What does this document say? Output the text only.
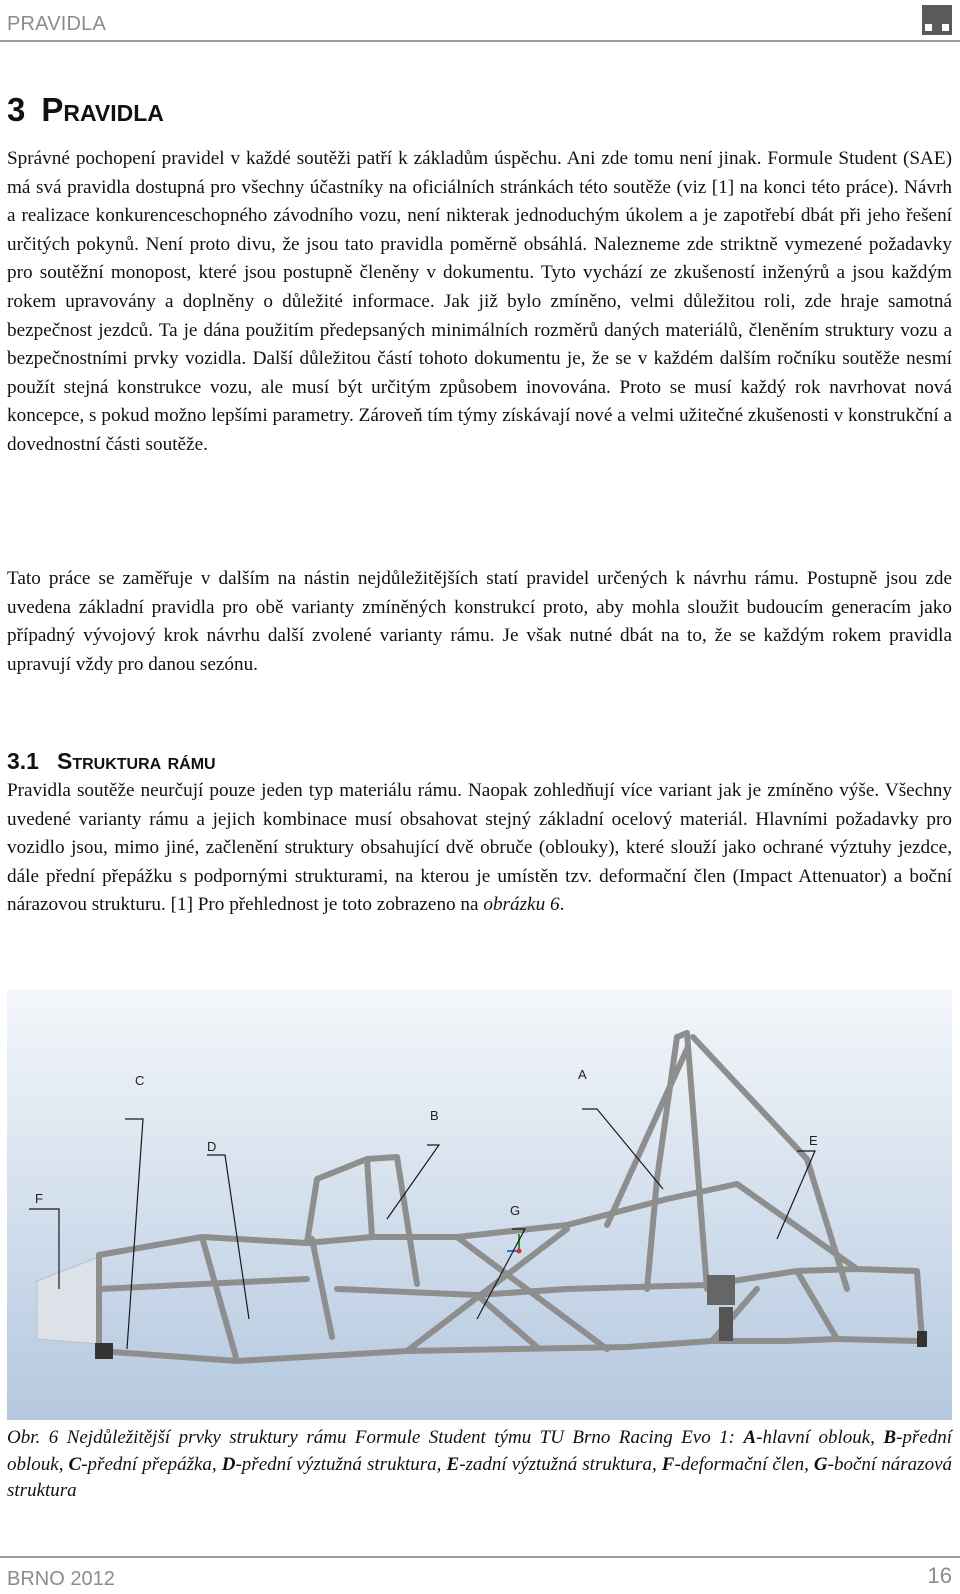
PRAVIDLA
3 Pravidla

Správné pochopení pravidel v každé soutěži patří k základům úspěchu. Ani zde tomu není jinak. Formule Student (SAE) má svá pravidla dostupná pro všechny účastníky na oficiálních stránkách této soutěže (viz [1] na konci této práce). Návrh a realizace konkurenceschopného závodního vozu, není nikterak jednoduchým úkolem a je zapotřebí dbát při jeho řešení určitých pokynů. Není proto divu, že jsou tato pravidla poměrně obsáhlá. Nalezneme zde striktně vymezené požadavky pro soutěžní monopost, které jsou postupně členěny v dokumentu. Tyto vychází ze zkušeností inženýrů a jsou každým rokem upravovány a doplněny o důležité informace. Jak již bylo zmíněno, velmi důležitou roli, zde hraje samotná bezpečnost jezdců. Ta je dána použitím předepsaných minimálních rozměrů daných materiálů, členěním struktury vozu a bezpečnostními prvky vozidla. Další důležitou částí tohoto dokumentu je, že se v každém dalším ročníku soutěže nesmí použít stejná konstrukce vozu, ale musí být určitým způsobem inovována. Proto se musí každý rok navrhovat nová koncepce, s pokud možno lepšími parametry. Zároveň tím týmy získávají nové a velmi užitečné zkušenosti v konstrukční a dovednostní části soutěže.

Tato práce se zaměřuje v dalším na nástin nejdůležitějších statí pravidel určených k návrhu rámu. Postupně jsou zde uvedena základní pravidla pro obě varianty zmíněných konstrukcí proto, aby mohla sloužit budoucím generacím jako případný vývojový krok návrhu další zvolené varianty rámu. Je však nutné dbát na to, že se každým rokem pravidla upravují vždy pro danou sezónu.

3.1 Struktura rámu

Pravidla soutěže neurčují pouze jeden typ materiálu rámu. Naopak zohledňují více variant jak je zmíněno výše. Všechny uvedené varianty rámu a jejich kombinace musí obsahovat stejný základní ocelový materiál. Hlavními požadavky pro vozidlo jsou, mimo jiné, začlenění struktury obsahující dvě obruče (oblouky), které slouží jako ochrané výztuhy jezdce, dále přední přepážku s podpornými strukturami, na kterou je umístěn tzv. deformační člen (Impact Attenuator) a boční nárazovou strukturu. [1] Pro přehlednost je toto zobrazeno na obrázku 6.

F
C
D
B
G
A
E

Obr. 6 Nejdůležitější prvky struktury rámu Formule Student týmu TU Brno Racing Evo 1: A-hlavní oblouk, B-přední oblouk, C-přední přepážka, D-přední výztužná struktura, E-zadní výztužná struktura, F-deformační člen, G-boční nárazová struktura

BRNO 2012	16
